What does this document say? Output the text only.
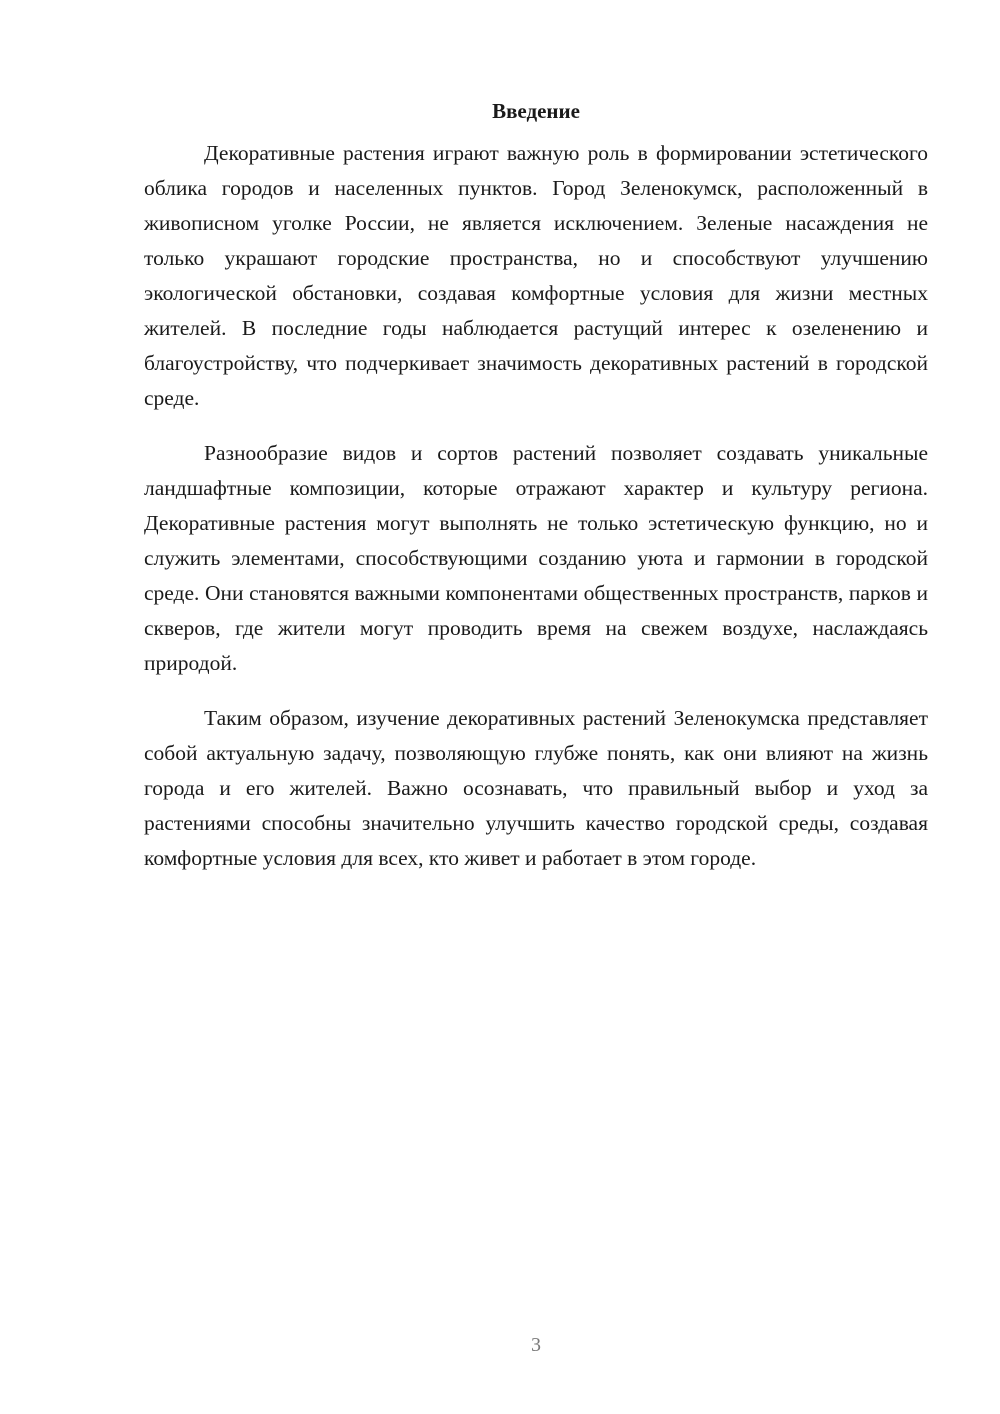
Введение

Декоративные растения играют важную роль в формировании эстетического облика городов и населенных пунктов. Город Зеленокумск, расположенный в живописном уголке России, не является исключением. Зеленые насаждения не только украшают городские пространства, но и способствуют улучшению экологической обстановки, создавая комфортные условия для жизни местных жителей. В последние годы наблюдается растущий интерес к озеленению и благоустройству, что подчеркивает значимость декоративных растений в городской среде.

Разнообразие видов и сортов растений позволяет создавать уникальные ландшафтные композиции, которые отражают характер и культуру региона. Декоративные растения могут выполнять не только эстетическую функцию, но и служить элементами, способствующими созданию уюта и гармонии в городской среде. Они становятся важными компонентами общественных пространств, парков и скверов, где жители могут проводить время на свежем воздухе, наслаждаясь природой.

Таким образом, изучение декоративных растений Зеленокумска представляет собой актуальную задачу, позволяющую глубже понять, как они влияют на жизнь города и его жителей. Важно осознавать, что правильный выбор и уход за растениями способны значительно улучшить качество городской среды, создавая комфортные условия для всех, кто живет и работает в этом городе.

3
